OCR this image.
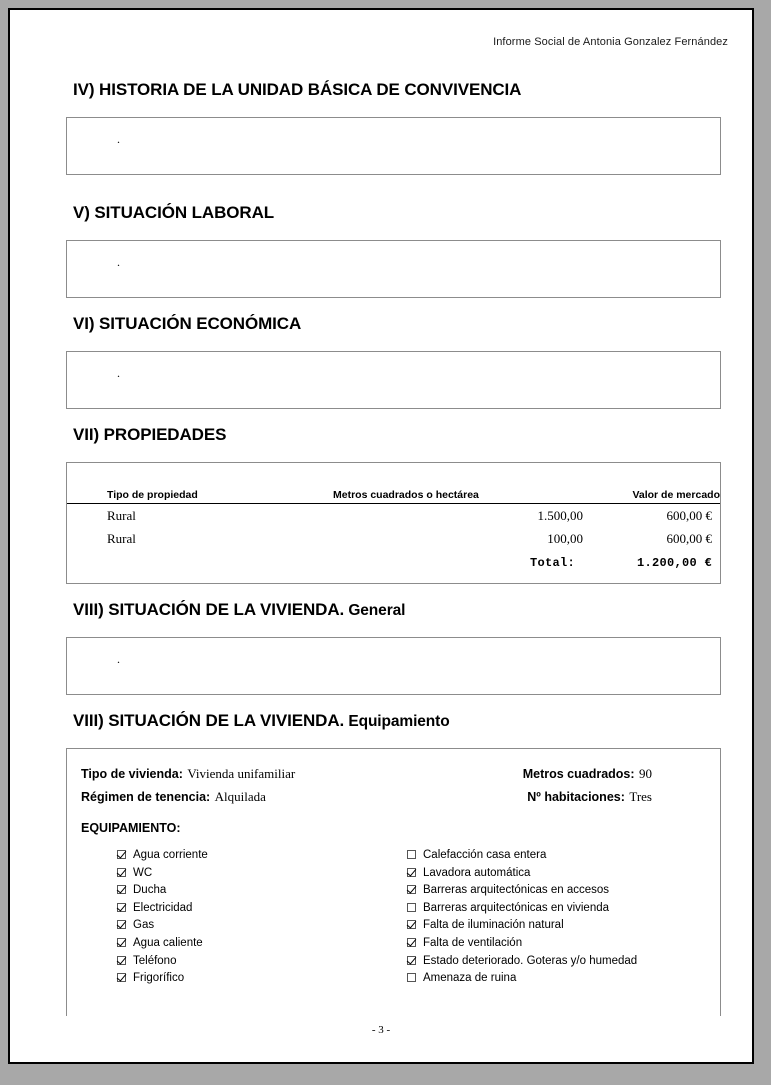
Informe Social de Antonia Gonzalez Fernández
IV) HISTORIA DE LA UNIDAD BÁSICA DE CONVIVENCIA
.
V) SITUACIÓN LABORAL
.
VI) SITUACIÓN ECONÓMICA
.
VII) PROPIEDADES
Tipo de propiedad	Metros cuadrados o hectárea	Valor de mercado
Rural	1.500,00	600,00 €
Rural	100,00	600,00 €
	Total:	1.200,00 €
VIII) SITUACIÓN DE LA VIVIENDA. General
.
VIII) SITUACIÓN DE LA VIVIENDA. Equipamiento
Tipo de vivienda: Vivienda unifamiliar	Metros cuadrados: 90
Régimen de tenencia: Alquilada	Nº habitaciones: Tres
EQUIPAMIENTO:
Agua corriente
WC
Ducha
Electricidad
Gas
Agua caliente
Teléfono
Frigorífico
Calefacción casa entera
Lavadora automática
Barreras arquitectónicas en accesos
Barreras arquitectónicas en vivienda
Falta de iluminación natural
Falta de ventilación
Estado deteriorado. Goteras y/o humedad
Amenaza de ruina
- 3 -
